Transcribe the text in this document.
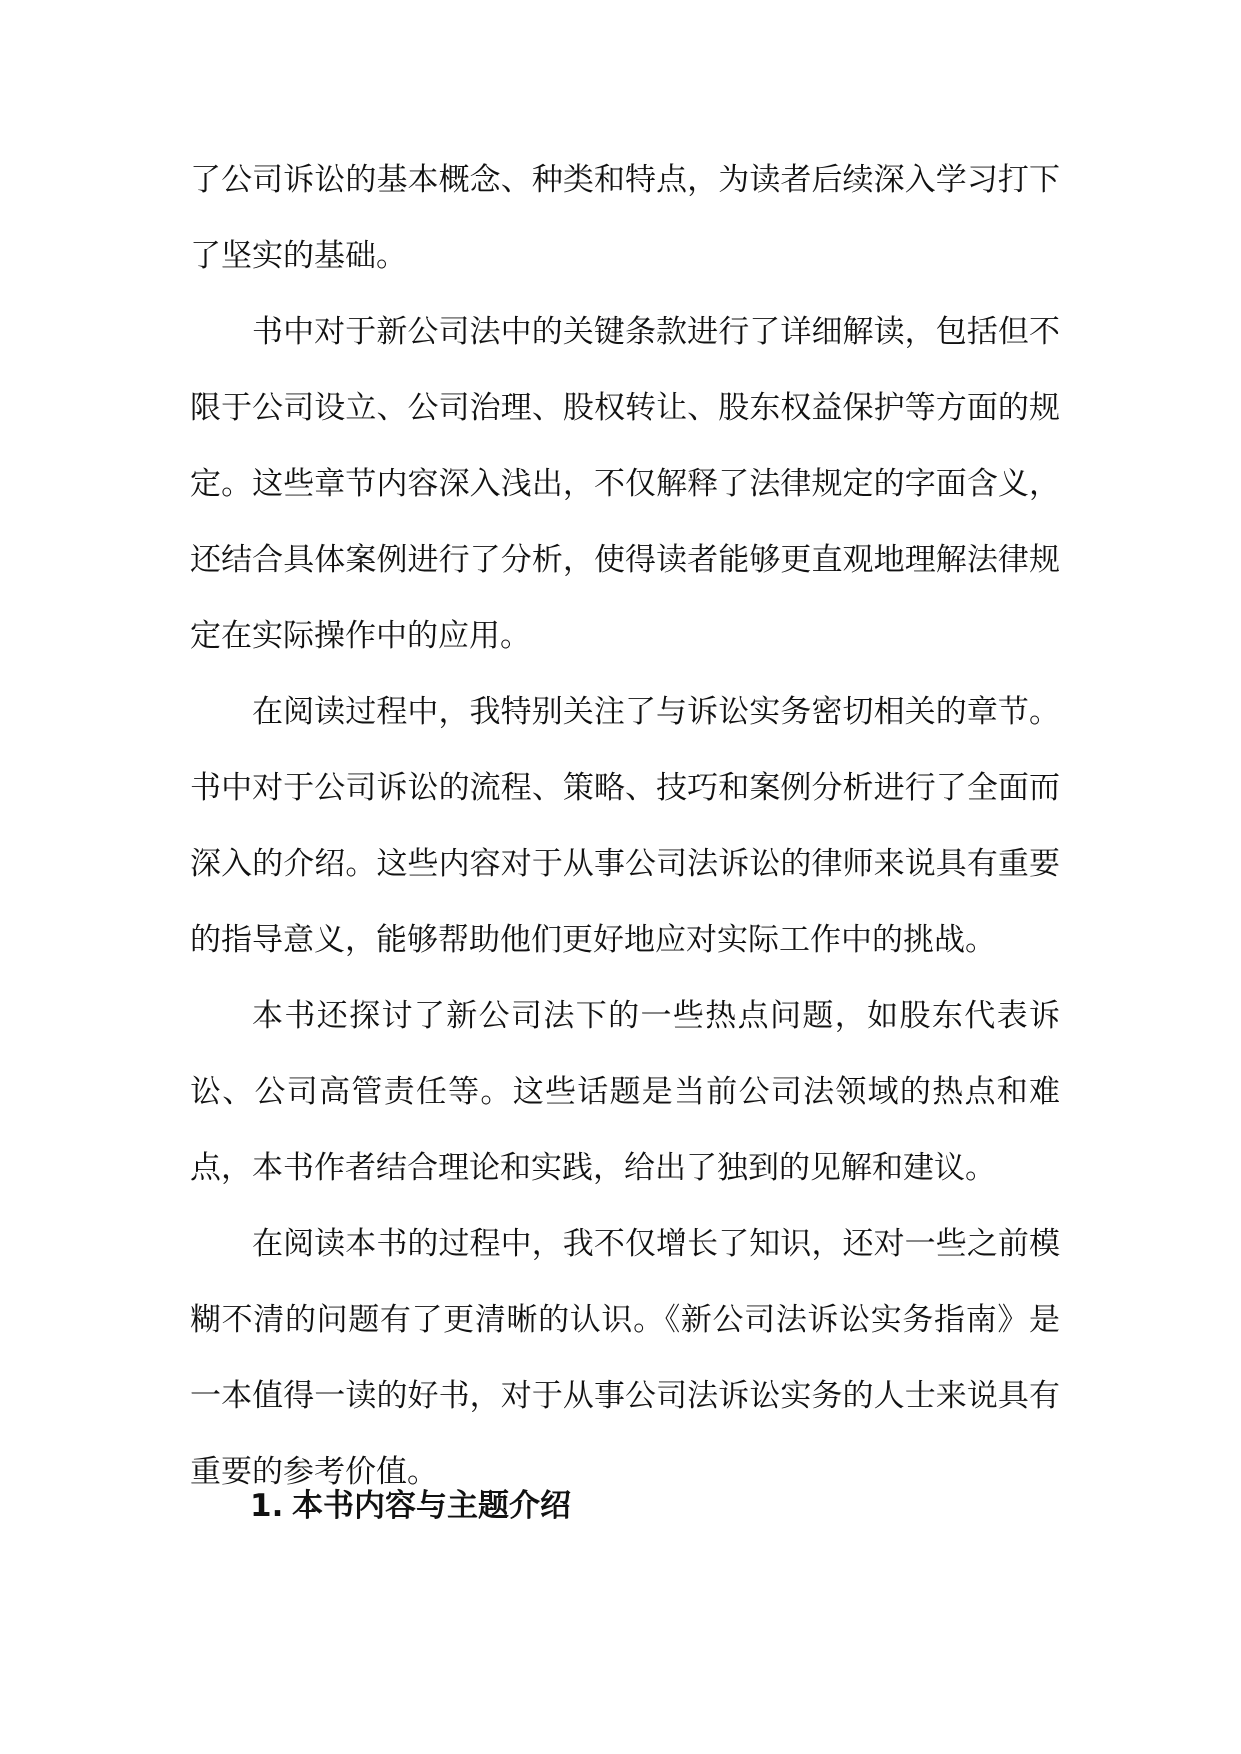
了公司诉讼的基本概念、种类和特点，为读者后续深入学习打下了坚实的基础。

书中对于新公司法中的关键条款进行了详细解读，包括但不限于公司设立、公司治理、股权转让、股东权益保护等方面的规定。这些章节内容深入浅出，不仅解释了法律规定的字面含义，还结合具体案例进行了分析，使得读者能够更直观地理解法律规定在实际操作中的应用。

在阅读过程中，我特别关注了与诉讼实务密切相关的章节。书中对于公司诉讼的流程、策略、技巧和案例分析进行了全面而深入的介绍。这些内容对于从事公司法诉讼的律师来说具有重要的指导意义，能够帮助他们更好地应对实际工作中的挑战。

本书还探讨了新公司法下的一些热点问题，如股东代表诉讼、公司高管责任等。这些话题是当前公司法领域的热点和难点，本书作者结合理论和实践，给出了独到的见解和建议。

在阅读本书的过程中，我不仅增长了知识，还对一些之前模糊不清的问题有了更清晰的认识。《新公司法诉讼实务指南》是一本值得一读的好书，对于从事公司法诉讼实务的人士来说具有重要的参考价值。

1. 本书内容与主题介绍
